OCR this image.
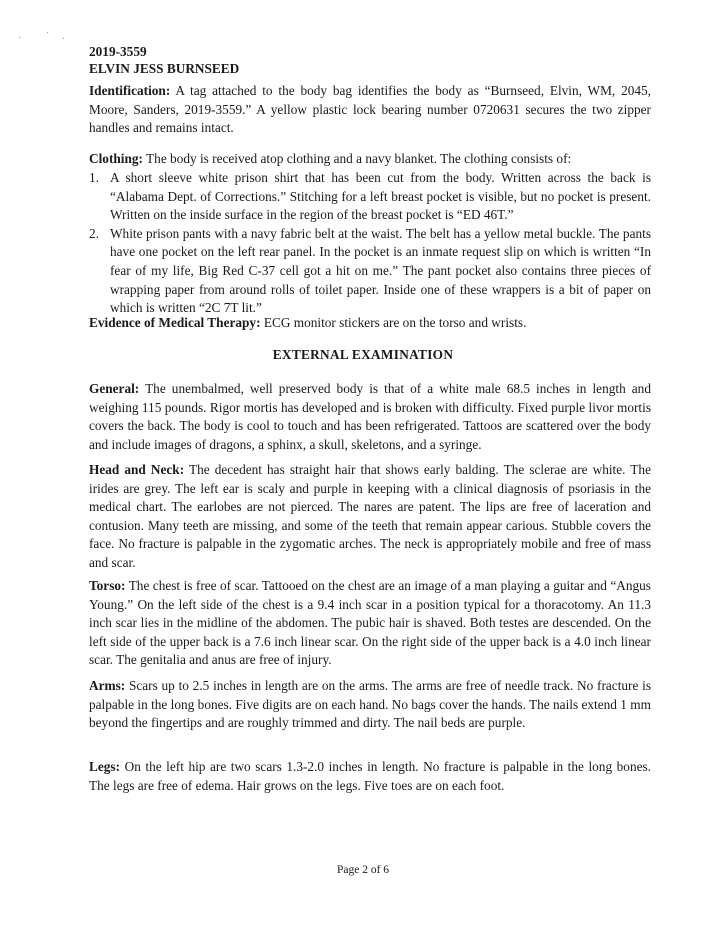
· ·
·
2019-3559
ELVIN JESS BURNSEED
Identification: A tag attached to the body bag identifies the body as “Burnseed, Elvin, WM, 2045, Moore, Sanders, 2019-3559.” A yellow plastic lock bearing number 0720631 secures the two zipper handles and remains intact.
Clothing: The body is received atop clothing and a navy blanket. The clothing consists of:
1. A short sleeve white prison shirt that has been cut from the body. Written across the back is “Alabama Dept. of Corrections.” Stitching for a left breast pocket is visible, but no pocket is present. Written on the inside surface in the region of the breast pocket is “ED 46T.”
2. White prison pants with a navy fabric belt at the waist. The belt has a yellow metal buckle. The pants have one pocket on the left rear panel. In the pocket is an inmate request slip on which is written “In fear of my life, Big Red C-37 cell got a hit on me.” The pant pocket also contains three pieces of wrapping paper from around rolls of toilet paper. Inside one of these wrappers is a bit of paper on which is written “2C 7T lit.”
Evidence of Medical Therapy: ECG monitor stickers are on the torso and wrists.
EXTERNAL EXAMINATION
General: The unembalmed, well preserved body is that of a white male 68.5 inches in length and weighing 115 pounds. Rigor mortis has developed and is broken with difficulty. Fixed purple livor mortis covers the back. The body is cool to touch and has been refrigerated. Tattoos are scattered over the body and include images of dragons, a sphinx, a skull, skeletons, and a syringe.
Head and Neck: The decedent has straight hair that shows early balding. The sclerae are white. The irides are grey. The left ear is scaly and purple in keeping with a clinical diagnosis of psoriasis in the medical chart. The earlobes are not pierced. The nares are patent. The lips are free of laceration and contusion. Many teeth are missing, and some of the teeth that remain appear carious. Stubble covers the face. No fracture is palpable in the zygomatic arches. The neck is appropriately mobile and free of mass and scar.
Torso: The chest is free of scar. Tattooed on the chest are an image of a man playing a guitar and “Angus Young.” On the left side of the chest is a 9.4 inch scar in a position typical for a thoracotomy. An 11.3 inch scar lies in the midline of the abdomen. The pubic hair is shaved. Both testes are descended. On the left side of the upper back is a 7.6 inch linear scar. On the right side of the upper back is a 4.0 inch linear scar. The genitalia and anus are free of injury.
Arms: Scars up to 2.5 inches in length are on the arms. The arms are free of needle track. No fracture is palpable in the long bones. Five digits are on each hand. No bags cover the hands. The nails extend 1 mm beyond the fingertips and are roughly trimmed and dirty. The nail beds are purple.
Legs: On the left hip are two scars 1.3-2.0 inches in length. No fracture is palpable in the long bones. The legs are free of edema. Hair grows on the legs. Five toes are on each foot.
Page 2 of 6
